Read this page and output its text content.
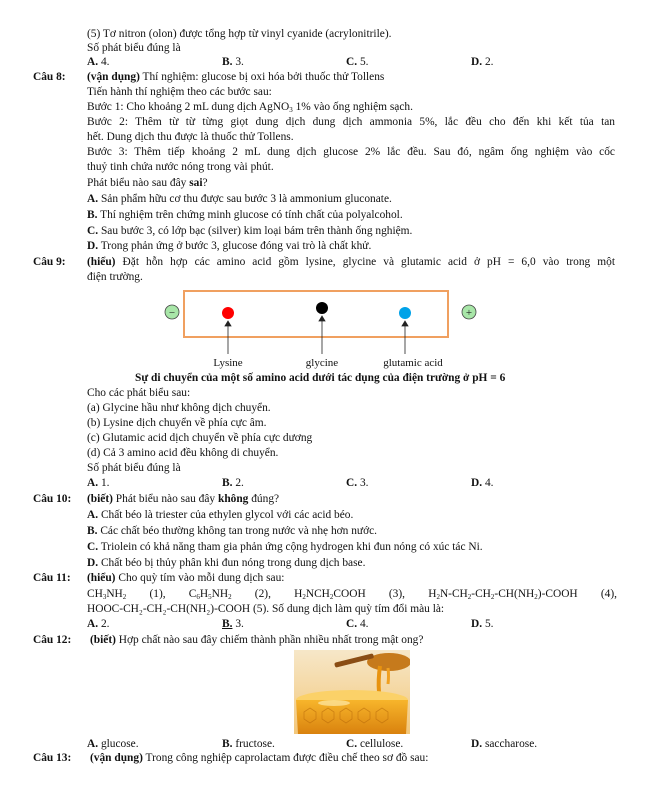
(5) Tơ nitron (olon) được tổng hợp từ vinyl cyanide (acrylonitrile).
Số phát biểu đúng là
A. 4.	B. 3.	C. 5.	D. 2.
Câu 8: (vận dụng) Thí nghiệm: glucose bị oxi hóa bởi thuốc thử Tollens
Tiến hành thí nghiệm theo các bước sau:
Bước 1: Cho khoảng 2 mL dung dịch AgNO$_3$ 1% vào ống nghiệm sạch.
Bước 2: Thêm từ từ từng giọt dung dịch dung dịch ammonia 5%, lắc đều cho đến khi kết tủa tan
hết. Dung dịch thu được là thuốc thử Tollens.
Bước 3: Thêm tiếp khoảng 2 mL dung dịch glucose 2% lắc đều. Sau đó, ngâm ống nghiệm vào cốc
thuỷ tinh chứa nước nóng trong vài phút.
Phát biểu nào sau đây sai?
A. Sản phẩm hữu cơ thu được sau bước 3 là ammonium gluconate.
B. Thí nghiệm trên chứng minh glucose có tính chất của polyalcohol.
C. Sau bước 3, có lớp bạc (silver) kim loại bám trên thành ống nghiệm.
D. Trong phản ứng ở bước 3, glucose đóng vai trò là chất khử.
Câu 9: (hiểu) Đặt hỗn hợp các amino acid gồm lysine, glycine và glutamic acid ở pH = 6,0 vào trong một
điện trường.
−	+
Lysine	glycine	glutamic acid
Sự di chuyển của một số amino acid dưới tác dụng của điện trường ở pH = 6
Cho các phát biểu sau:
(a) Glycine hầu như không dịch chuyển.
(b) Lysine dịch chuyển về phía cực âm.
(c) Glutamic acid dịch chuyển về phía cực dương
(d) Cả 3 amino acid đều không di chuyển.
Số phát biểu đúng là
A. 1.	B. 2.	C. 3.	D. 4.
Câu 10: (biết) Phát biểu nào sau đây không đúng?
A. Chất béo là triester của ethylen glycol với các acid béo.
B. Các chất béo thường không tan trong nước và nhẹ hơn nước.
C. Triolein có khả năng tham gia phản ứng cộng hydrogen khi đun nóng có xúc tác Ni.
D. Chất béo bị thủy phân khi đun nóng trong dung dịch base.
Câu 11: (hiểu) Cho quỳ tím vào mỗi dung dịch sau:
$CH_3NH_2$ (1), $C_6H_5NH_2$ (2), $H_2NCH_2COOH$ (3), $H_2N-CH_2-CH_2-CH(NH_2)$-COOH (4),
HOOC-CH₂-CH₂-CH(NH₂)-COOH (5). Số dung dịch làm quỳ tím đổi màu là:
A. 2.	B. 3.	C. 4.	D. 5.
Câu 12: (biết) Hợp chất nào sau đây chiếm thành phần nhiều nhất trong mật ong?
A. glucose.	B. fructose.	C. cellulose.	D. saccharose.
Câu 13: (vận dụng) Trong công nghiệp caprolactam được điều chế theo sơ đồ sau:
